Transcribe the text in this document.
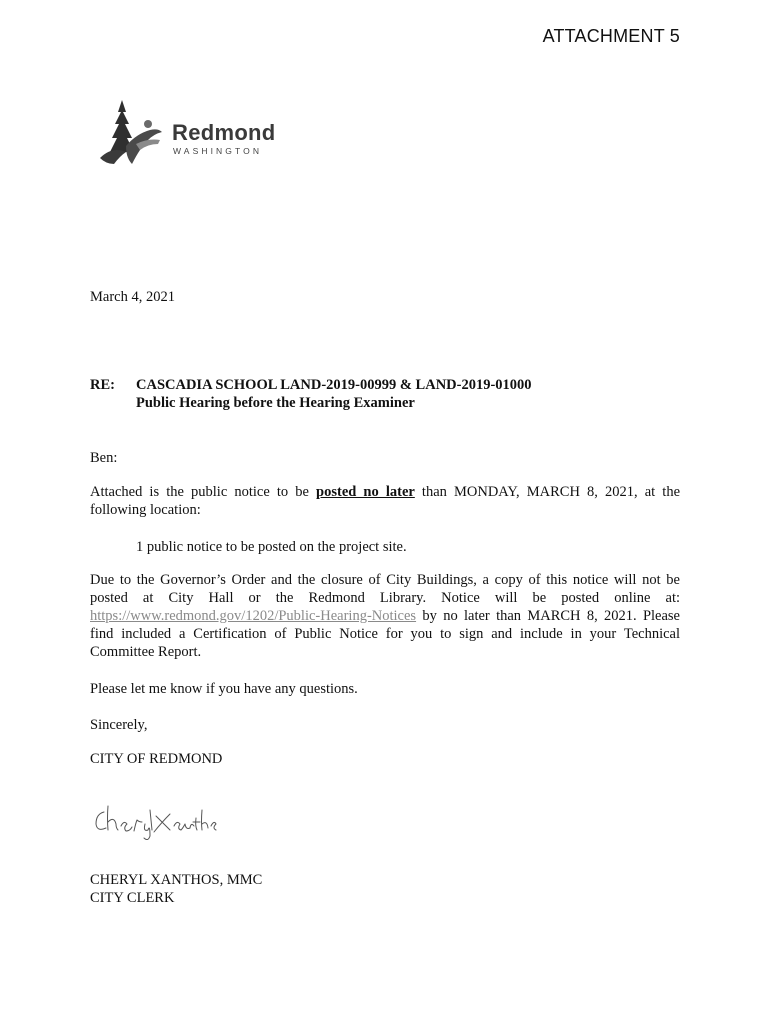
ATTACHMENT 5
Redmond
WASHINGTON
March 4, 2021
RE: CASCADIA SCHOOL LAND-2019-00999 & LAND-2019-01000
Public Hearing before the Hearing Examiner
Ben:
Attached is the public notice to be posted no later than MONDAY, MARCH 8, 2021, at the following location:
1 public notice to be posted on the project site.
Due to the Governor’s Order and the closure of City Buildings, a copy of this notice will not be posted at City Hall or the Redmond Library. Notice will be posted online at: https://www.redmond.gov/1202/Public-Hearing-Notices by no later than MARCH 8, 2021. Please find included a Certification of Public Notice for you to sign and include in your Technical Committee Report.
Please let me know if you have any questions.
Sincerely,
CITY OF REDMOND
CHERYL XANTHOS, MMC
CITY CLERK
